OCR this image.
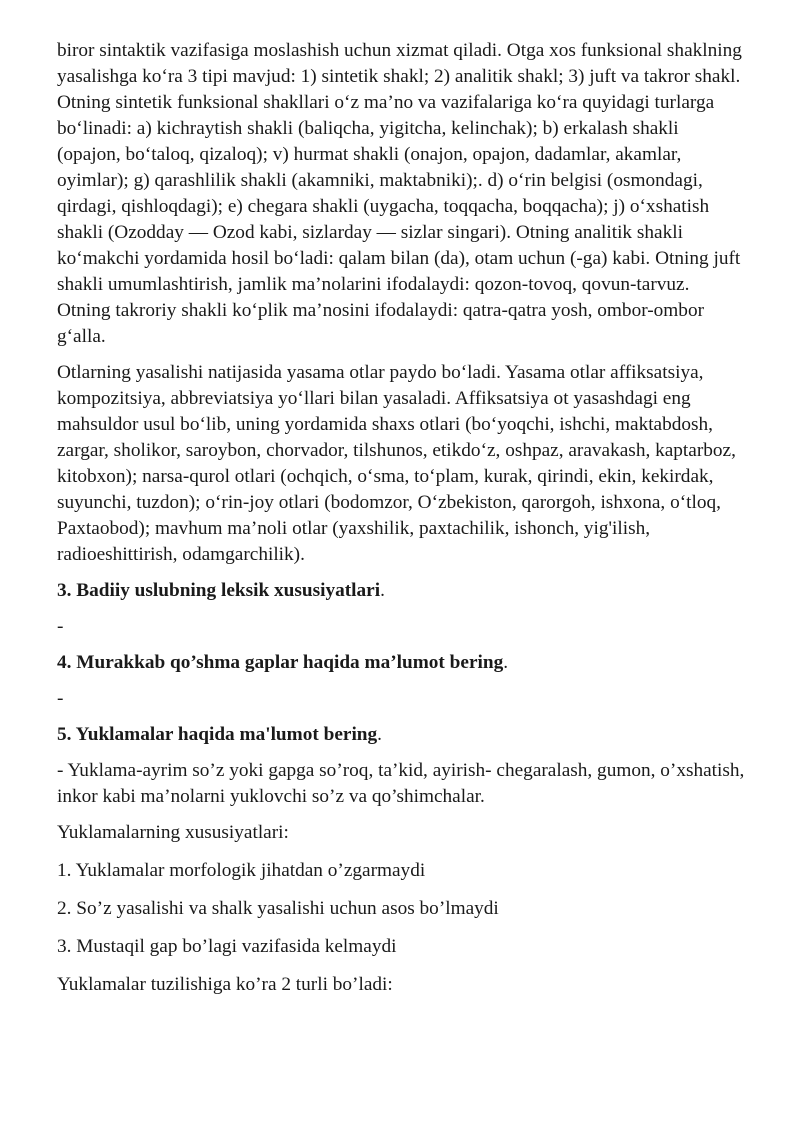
biror sintaktik vazifasiga moslashish uchun xizmat qiladi. Otga xos funksional shaklning yasalishga ko‘ra 3 tipi mavjud: 1) sintetik shakl; 2) analitik shakl; 3) juft va takror shakl. Otning sintetik funksional shakllari o‘z ma’no va vazifalariga ko‘ra quyidagi turlarga bo‘linadi: a) kichraytish shakli (baliqcha, yigitcha, kelinchak); b) erkalash shakli (opajon, bo‘taloq, qizaloq); v) hurmat shakli (onajon, opajon, dadamlar, akamlar, oyimlar); g) qarashlilik shakli (akamniki, maktabniki);. d) o‘rin belgisi (osmondagi, qirdagi, qishloqdagi); e) chegara shakli (uygacha, toqqacha, boqqacha); j) o‘xshatish shakli (Ozodday — Ozod kabi, sizlarday — sizlar singari). Otning analitik shakli ko‘makchi yordamida hosil bo‘ladi: qalam bilan (da), otam uchun (-ga) kabi. Otning juft shakli umumlashtirish, jamlik ma’nolarini ifodalaydi: qozon-tovoq, qovun-tarvuz. Otning takroriy shakli ko‘plik ma’nosini ifodalaydi: qatra-qatra yosh, ombor-ombor g‘alla.

Otlarning yasalishi natijasida yasama otlar paydo bo‘ladi. Yasama otlar affiksatsiya, kompozitsiya, abbreviatsiya yo‘llari bilan yasaladi. Affiksatsiya ot yasashdagi eng mahsuldor usul bo‘lib, uning yordamida shaxs otlari (bo‘yoqchi, ishchi, maktabdosh, zargar, sholikor, saroybon, chorvador, tilshunos, etikdo‘z, oshpaz, aravakash, kaptarboz, kitobxon); narsa-qurol otlari (ochqich, o‘sma, to‘plam, kurak, qirindi, ekin, kekirdak, suyunchi, tuzdon); o‘rin-joy otlari (bodomzor, O‘zbekiston, qarorgoh, ishxona, o‘tloq, Paxtaobod); mavhum ma’noli otlar (yaxshilik, paxtachilik, ishonch, yig'ilish, radioeshittirish, odamgarchilik).

3. Badiiy uslubning leksik xususiyatlari.

-

4. Murakkab qo’shma gaplar haqida ma’lumot bering.

-

5. Yuklamalar haqida ma'lumot bering.

- Yuklama-ayrim so’z yoki gapga so’roq, ta’kid, ayirish- chegaralash, gumon, o’xshatish, inkor kabi ma’nolarni yuklovchi so’z va qo’shimchalar.

Yuklamalarning xususiyatlari:

1. Yuklamalar morfologik jihatdan o’zgarmaydi

2. So’z yasalishi va shalk yasalishi uchun asos bo’lmaydi

3. Mustaqil gap bo’lagi vazifasida kelmaydi

Yuklamalar tuzilishiga ko’ra 2 turli bo’ladi:
